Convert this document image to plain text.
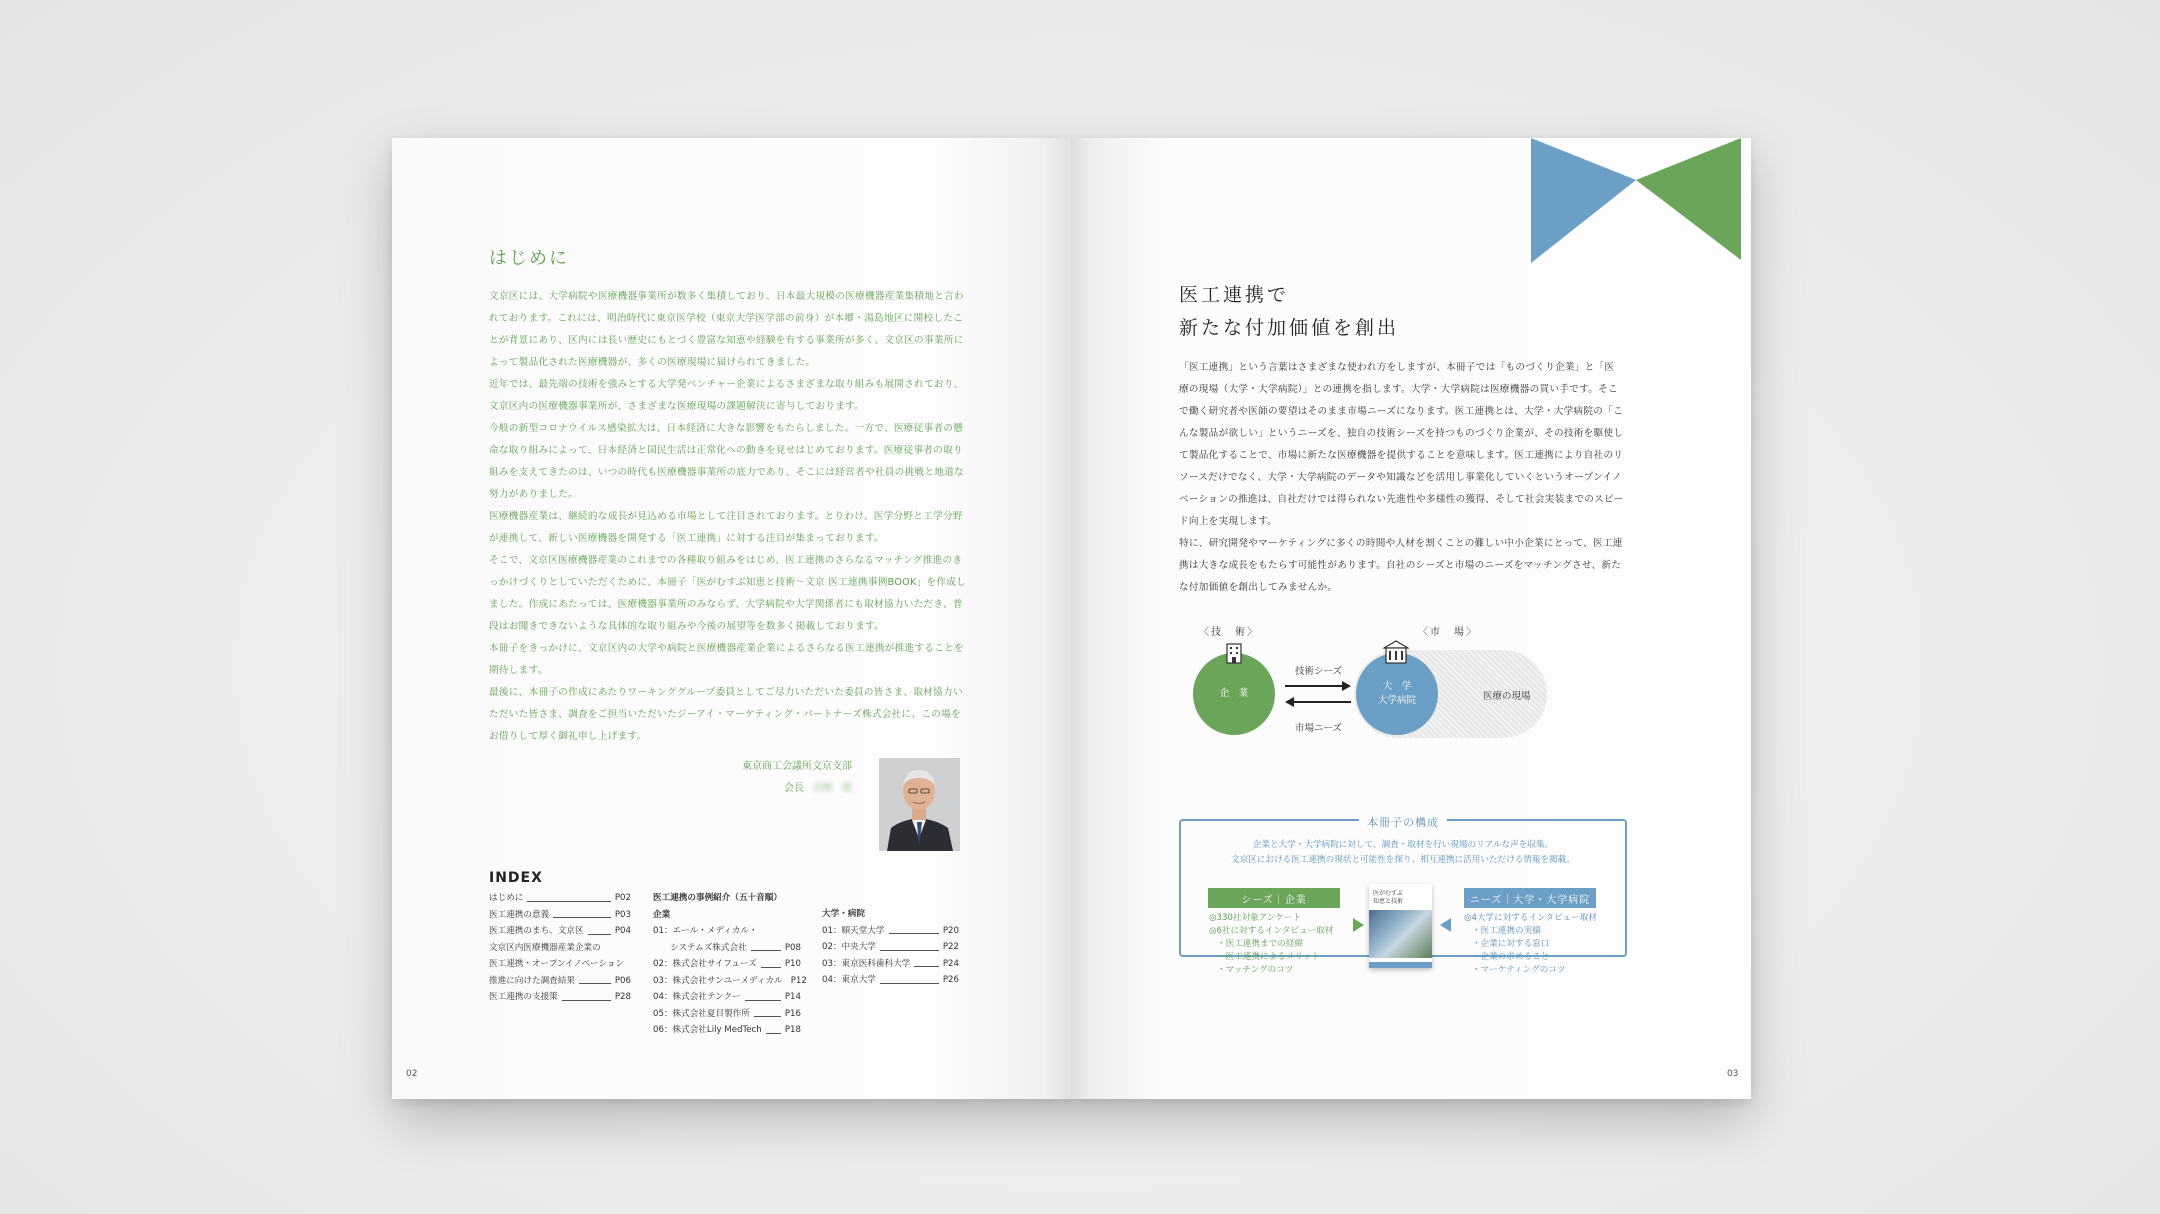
はじめに

文京区には、大学病院や医療機器事業所が数多く集積しており、日本最大規模の医療機器産業集積地と言われております。これには、明治時代に東京医学校（東京大学医学部の前身）が本郷・湯島地区に開校したことが背景にあり、区内には長い歴史にもとづく豊富な知恵や経験を有する事業所が多く、文京区の事業所によって製品化された医療機器が、多くの医療現場に届けられてきました。

近年では、最先端の技術を強みとする大学発ベンチャー企業によるさまざまな取り組みも展開されており、文京区内の医療機器事業所が、さまざまな医療現場の課題解決に寄与しております。

今般の新型コロナウイルス感染拡大は、日本経済に大きな影響をもたらしました。一方で、医療従事者の懸命な取り組みによって、日本経済と国民生活は正常化への動きを見せはじめております。医療従事者の取り組みを支えてきたのは、いつの時代も医療機器事業所の底力であり、そこには経営者や社員の挑戦と地道な努力がありました。

医療機器産業は、継続的な成長が見込める市場として注目されております。とりわけ、医学分野と工学分野が連携して、新しい医療機器を開発する「医工連携」に対する注目が集まっております。

そこで、文京区医療機器産業のこれまでの各種取り組みをはじめ、医工連携のさらなるマッチング推進のきっかけづくりとしていただくために、本冊子「医がむすぶ知恵と技術〜文京 医工連携事例BOOK」を作成しました。作成にあたっては、医療機器事業所のみならず、大学病院や大学関係者にも取材協力いただき、普段はお聞きできないような具体的な取り組みや今後の展望等を数多く掲載しております。

本冊子をきっかけに、文京区内の大学や病院と医療機器産業企業によるさらなる医工連携が推進することを期待します。

最後に、本冊子の作成にあたりワーキンググループ委員としてご尽力いただいた委員の皆さま、取材協力いただいた皆さま、調査をご担当いただいたジーアイ・マーケティング・パートナーズ株式会社に、この場をお借りして厚く御礼申し上げます。

東京商工会議所文京支部
会長 吉岡　豊
INDEX
はじめに	P02
医工連携の意義	P03
医工連携のまち、文京区	P04
文京区内医療機器産業企業の
医工連携・オープンイノベーション
推進に向けた調査結果	P06
医工連携の支援策	P28
医工連携の事例紹介（五十音順）
企業
01：エール・メディカル・
　　システムズ株式会社	P08
02：株式会社サイフューズ	P10
03：株式会社サンユーメディカル P12
04：株式会社テンクー	P14
05：株式会社夏目製作所	P16
06：株式会社Lily MedTech	P18
大学・病院
01：順天堂大学	P20
02：中央大学	P22
03：東京医科歯科大学	P24
04：東京大学	P26
02
医工連携で
新たな付加価値を創出

「医工連携」という言葉はさまざまな使われ方をしますが、本冊子では「ものづくり企業」と「医療の現場（大学・大学病院）」との連携を指します。大学・大学病院は医療機器の買い手です。そこで働く研究者や医師の要望はそのまま市場ニーズになります。医工連携とは、大学・大学病院の「こんな製品が欲しい」というニーズを、独自の技術シーズを持つものづくり企業が、その技術を駆使して製品化することで、市場に新たな医療機器を提供することを意味します。医工連携により自社のリソースだけでなく、大学・大学病院のデータや知識などを活用し事業化していくというオープンイノベーションの推進は、自社だけでは得られない先進性や多様性の獲得、そして社会実装までのスピード向上を実現します。

特に、研究開発やマーケティングに多くの時間や人材を割くことの難しい中小企業にとって、医工連携は大きな成長をもたらす可能性があります。自社のシーズと市場のニーズをマッチングさせ、新たな付加価値を創出してみませんか。

〈技　術〉	〈市　場〉
医療の現場
企　業
大　学
大学病院
技術シーズ
市場ニーズ
本冊子の構成
企業と大学・大学病院に対して、調査・取材を行い現場のリアルな声を収集。
文京区における医工連携の現状と可能性を探り、相互連携に活用いただける情報を掲載。
シーズ｜企業
◎330社対象アンケート
◎6社に対するインタビュー取材
・医工連携までの経緯
・医工連携によるメリット
・マッチングのコツ
医がむすぶ
知恵と技術	ニーズ｜大学・大学病院
◎4大学に対するインタビュー取材
・医工連携の実績
・企業に対する窓口
・企業の求めること
・マーケティングのコツ
03
